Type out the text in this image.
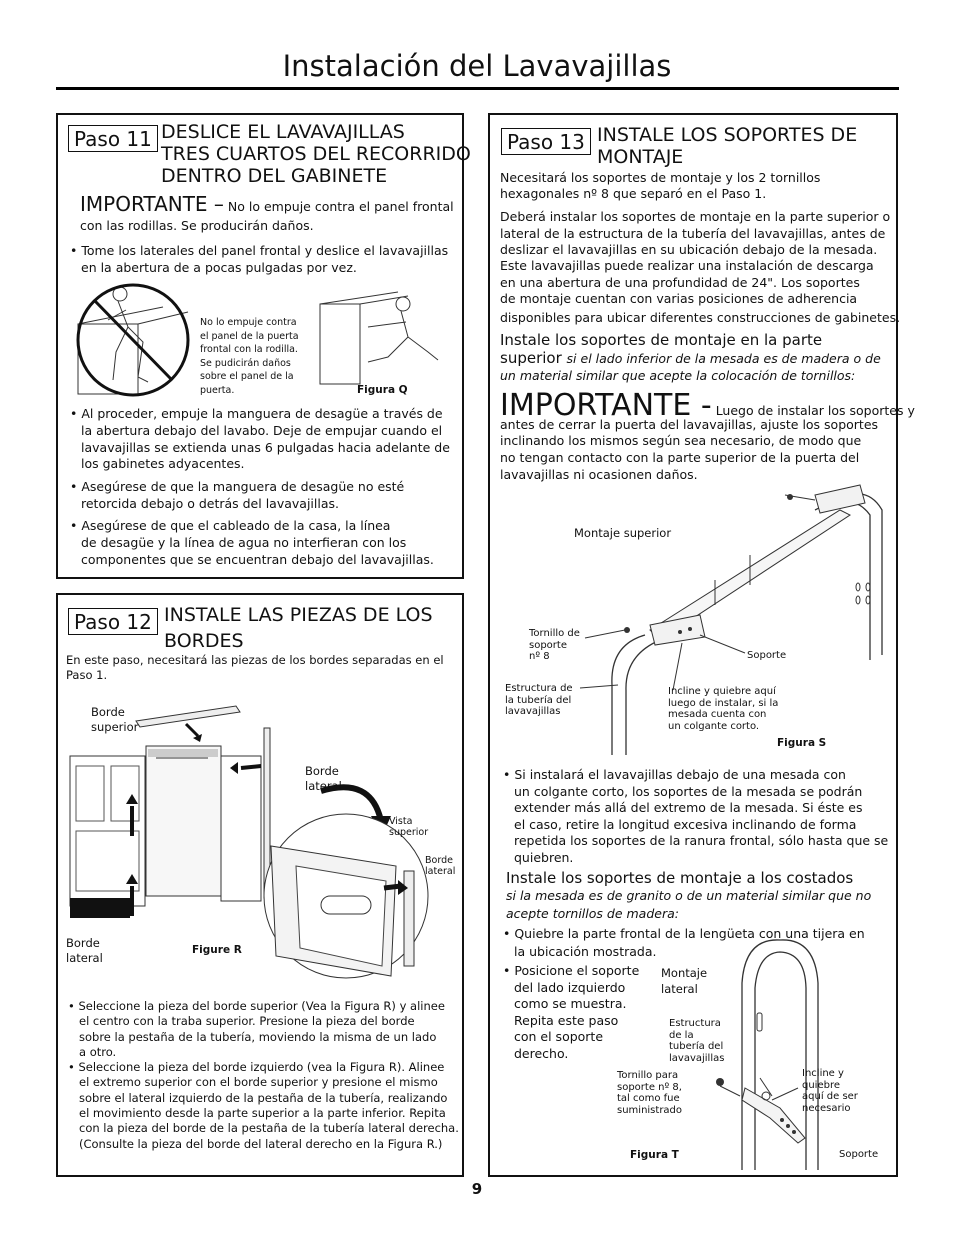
Instalación del Lavavajillas
Paso 11 DESLICE EL LAVAVAJILLAS
TRES CUARTOS DEL RECORRIDO
DENTRO DEL GABINETE
IMPORTANTE – No lo empuje contra el panel frontal
con las rodillas. Se producirán daños.
• Tome los laterales del panel frontal y deslice el lavavajillas
en la abertura de a pocas pulgadas por vez.
No lo empuje contra
el panel de la puerta
frontal con la rodilla.
Se pudicirán daños
sobre el panel de la
puerta.	Figura Q
• Al proceder, empuje la manguera de desagüe a través de
la abertura debajo del lavabo. Deje de empujar cuando el
lavavajillas se extienda unas 6 pulgadas hacia adelante de
los gabinetes adyacentes.
• Asegúrese de que la manguera de desagüe no esté
retorcida debajo o detrás del lavavajillas.
• Asegúrese de que el cableado de la casa, la línea
de desagüe y la línea de agua no interfieran con los
componentes que se encuentran debajo del lavavajillas.
Paso 12 INSTALE LAS PIEZAS DE LOS
BORDES
En este paso, necesitará las piezas de los bordes separadas en el
Paso 1.
Borde
superior
Borde
lateral
Vista
superior
Borde
lateral
Borde
lateral
Figure R
• Seleccione la pieza del borde superior (Vea la Figura R) y alinee
el centro con la traba superior. Presione la pieza del borde
sobre la pestaña de la tubería, moviendo la misma de un lado
a otro.
• Seleccione la pieza del borde izquierdo (vea la Figura R). Alinee
el extremo superior con el borde superior y presione el mismo
sobre el lateral izquierdo de la pestaña de la tubería, realizando
el movimiento desde la parte superior a la parte inferior. Repita
con la pieza del borde de la pestaña de la tubería lateral derecha.
(Consulte la pieza del borde del lateral derecho en la Figura R.)
Paso 13 INSTALE LOS SOPORTES DE
MONTAJE
Necesitará los soportes de montaje y los 2 tornillos
hexagonales nº 8 que separó en el Paso 1.
Deberá instalar los soportes de montaje en la parte superior o
lateral de la estructura de la tubería del lavavajillas, antes de
deslizar el lavavajillas en su ubicación debajo de la mesada.
Este lavavajillas puede realizar una instalación de descarga
en una abertura de una profundidad de 24". Los soportes
de montaje cuentan con varias posiciones de adherencia
disponibles para ubicar diferentes construcciones de gabinetes.
Instale los soportes de montaje en la parte
superior si el lado inferior de la mesada es de madera o de
un material similar que acepte la colocación de tornillos:
IMPORTANTE - Luego de instalar los soportes y
antes de cerrar la puerta del lavavajillas, ajuste los soportes
inclinando los mismos según sea necesario, de modo que
no tengan contacto con la parte superior de la puerta del
lavavajillas ni ocasionen daños.
Montaje superior
Tornillo de
soporte
nº 8	Soporte
Estructura de
la tubería del
lavavajillas
Incline y quiebre aquí
luego de instalar, si la
mesada cuenta con
un colgante corto.
Figura S
• Si instalará el lavavajillas debajo de una mesada con
un colgante corto, los soportes de la mesada se podrán
extender más allá del extremo de la mesada. Si éste es
el caso, retire la longitud excesiva inclinando de forma
repetida los soportes de la ranura frontal, sólo hasta que se
quiebren.
Instale los soportes de montaje a los costados
si la mesada es de granito o de un material similar que no
acepte tornillos de madera:
• Quiebre la parte frontal de la lengüeta con una tijera en
la ubicación mostrada.
• Posicione el soporte
del lado izquierdo
como se muestra.
Repita este paso
con el soporte
derecho.
Montaje
lateral
Estructura
de la
tubería del
lavavajillas
Tornillo para
soporte nº 8,
tal como fue
suministrado
Incline y
quiebre
aquí de ser
necesario
Soporte
Figura T
9
